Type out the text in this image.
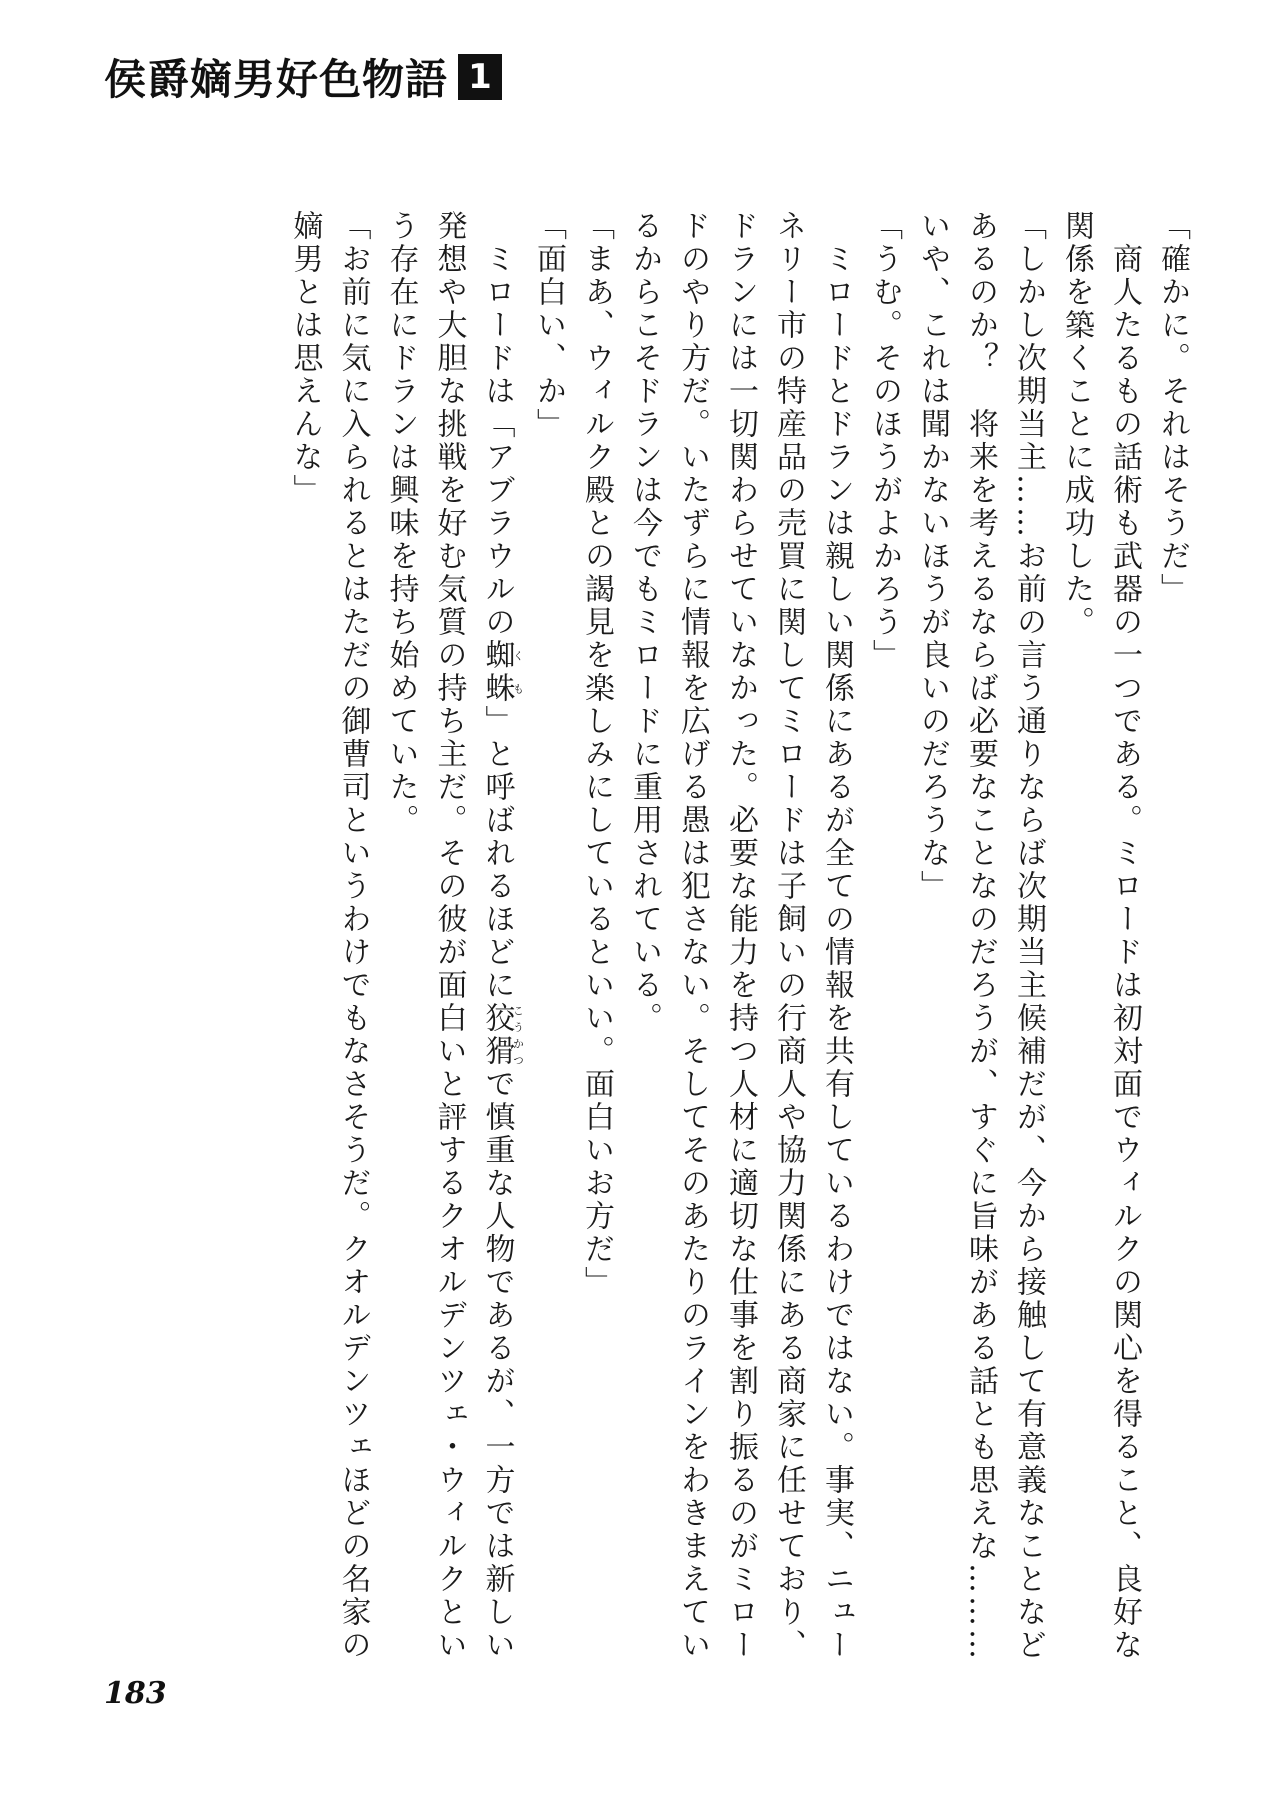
侯爵嫡男好色物語 1
「確かに。それはそうだ」
　商人たるもの話術も武器の一つである。ミロードは初対面でウィルクの関心を得ること、良好な
関係を築くことに成功した。
「しかし次期当主……お前の言う通りならば次期当主候補だが、今から接触して有意義なことなど
あるのか？　将来を考えるならば必要なことなのだろうが、すぐに旨味がある話とも思えな………
いや、これは聞かないほうが良いのだろうな」
「うむ。そのほうがよかろう」
　ミロードとドランは親しい関係にあるが全ての情報を共有しているわけではない。事実、ニュー
ネリー市の特産品の売買に関してミロードは子飼いの行商人や協力関係にある商家に任せており、
ドランには一切関わらせていなかった。必要な能力を持つ人材に適切な仕事を割り振るのがミロー
ドのやり方だ。いたずらに情報を広げる愚は犯さない。そしてそのあたりのラインをわきまえてい
るからこそドランは今でもミロードに重用されている。
「まあ、ウィルク殿との謁見を楽しみにしているといい。面白いお方だ」
「面白い、か」
　ミロードは「アブラウルの蜘蛛くも」と呼ばれるほどに狡猾こうかつで慎重な人物であるが、一方では新しい
発想や大胆な挑戦を好む気質の持ち主だ。その彼が面白いと評するクオルデンツェ・ウィルクとい
う存在にドランは興味を持ち始めていた。
「お前に気に入られるとはただの御曹司というわけでもなさそうだ。クオルデンツェほどの名家の
嫡男とは思えんな」
183
